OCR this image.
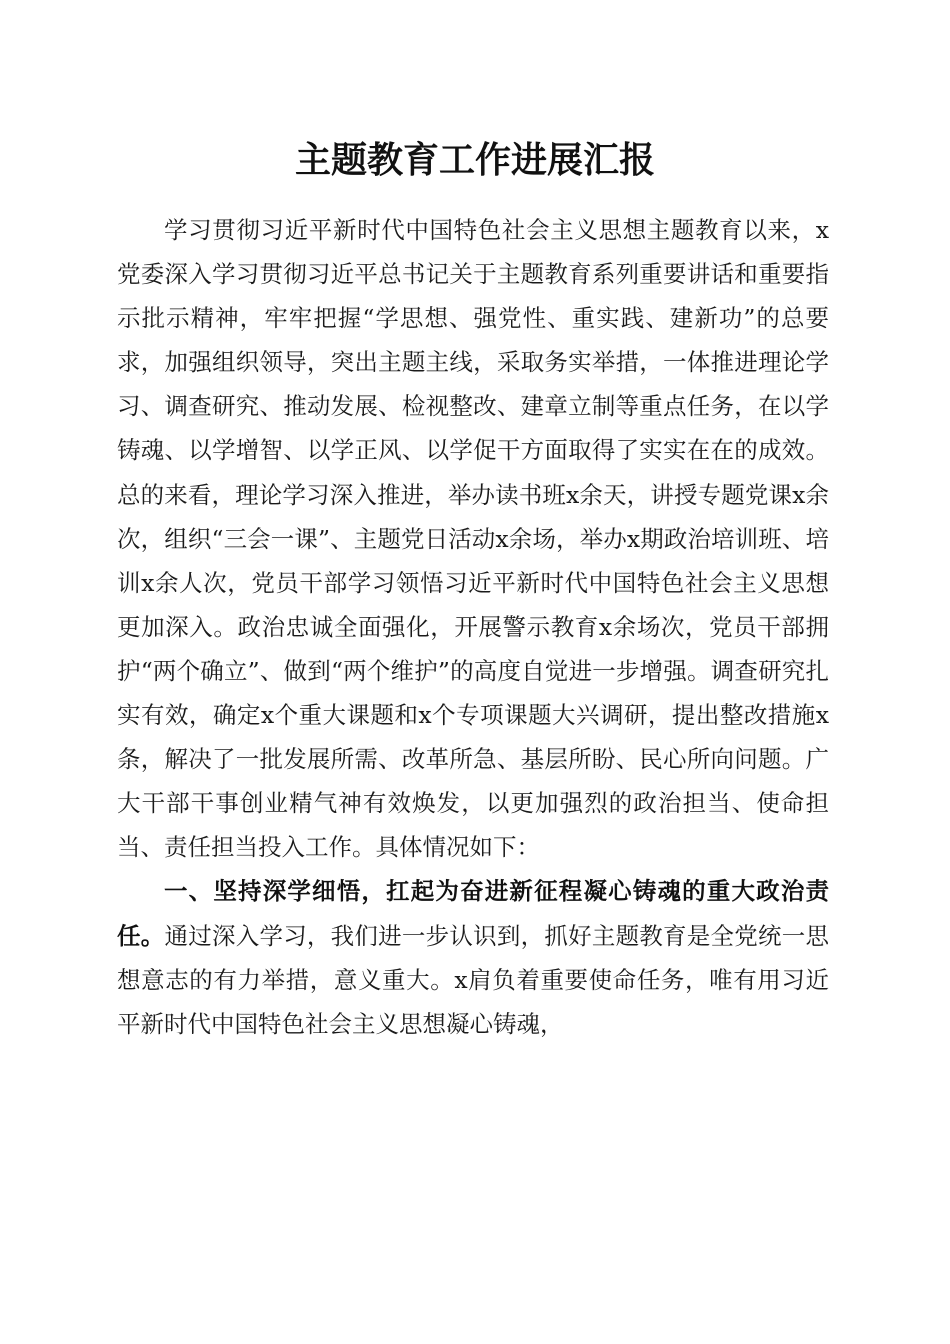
主题教育工作进展汇报

学习贯彻习近平新时代中国特色社会主义思想主题教育以来，x党委深入学习贯彻习近平总书记关于主题教育系列重要讲话和重要指示批示精神，牢牢把握“学思想、强党性、重实践、建新功”的总要求，加强组织领导，突出主题主线，采取务实举措，一体推进理论学习、调查研究、推动发展、检视整改、建章立制等重点任务，在以学铸魂、以学增智、以学正风、以学促干方面取得了实实在在的成效。总的来看，理论学习深入推进，举办读书班x余天，讲授专题党课x余次，组织“三会一课”、主题党日活动x余场，举办x期政治培训班、培训x余人次，党员干部学习领悟习近平新时代中国特色社会主义思想更加深入。政治忠诚全面强化，开展警示教育x余场次，党员干部拥护“两个确立”、做到“两个维护”的高度自觉进一步增强。调查研究扎实有效，确定x个重大课题和x个专项课题大兴调研，提出整改措施x条，解决了一批发展所需、改革所急、基层所盼、民心所向问题。广大干部干事创业精气神有效焕发，以更加强烈的政治担当、使命担当、责任担当投入工作。具体情况如下：

一、坚持深学细悟，扛起为奋进新征程凝心铸魂的重大政治责任。通过深入学习，我们进一步认识到，抓好主题教育是全党统一思想意志的有力举措，意义重大。x肩负着重要使命任务，唯有用习近平新时代中国特色社会主义思想凝心铸魂，
